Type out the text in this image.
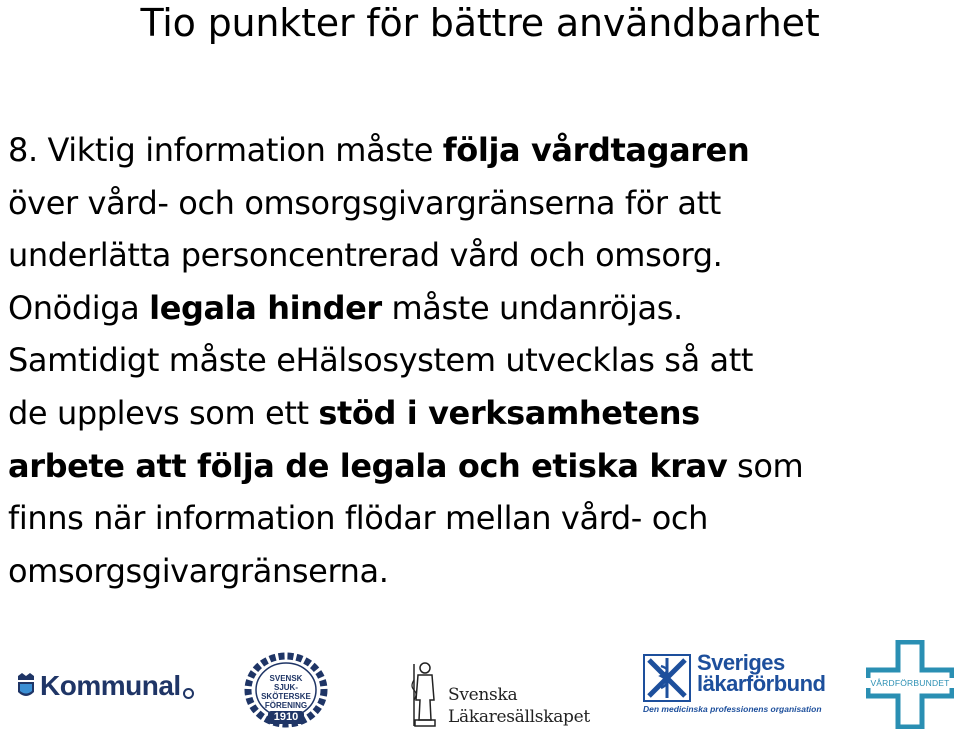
Tio punkter för bättre användbarhet
8. Viktig information måste följa vårdtagaren
över vård- och omsorgsgivargränserna för att
underlätta personcentrerad vård och omsorg.
Onödiga legala hinder måste undanröjas.
Samtidigt måste eHälsosystem utvecklas så att
de upplevs som ett stöd i verksamhetens
arbete att följa de legala och etiska krav som
finns när information flödar mellan vård- och
omsorgsgivargränserna.
Kommunal	SVENSK
SJUK-
SKÖTERSKE
FÖRENING
1910
Svenska
Läkaresällskapet
Sveriges
läkarförbund
Den medicinska professionens organisation
VÅRDFÖRBUNDET
